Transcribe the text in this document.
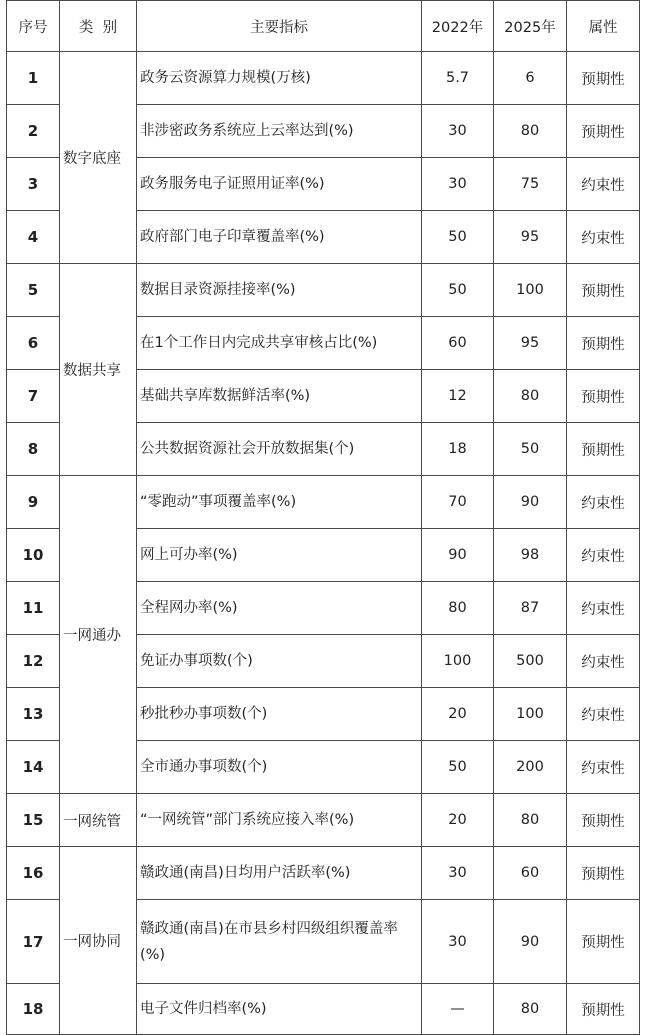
序号	类  别	主要指标	2022年	2025年	属性
1	数字底座	政务云资源算力规模(万核)	5.7	6	预期性
2		非涉密政务系统应上云率达到(%)	30	80	预期性
3		政务服务电子证照用证率(%)	30	75	约束性
4		政府部门电子印章覆盖率(%)	50	95	约束性
5	数据共享	数据目录资源挂接率(%)	50	100	预期性
6		在1个工作日内完成共享审核占比(%)	60	95	预期性
7		基础共享库数据鲜活率(%)	12	80	预期性
8		公共数据资源社会开放数据集(个)	18	50	预期性
9	一网通办	“零跑动”事项覆盖率(%)	70	90	约束性
10		网上可办率(%)	90	98	约束性
11		全程网办率(%)	80	87	约束性
12		免证办事项数(个)	100	500	约束性
13		秒批秒办事项数(个)	20	100	约束性
14		全市通办事项数(个)	50	200	约束性
15	一网统管	“一网统管”部门系统应接入率(%)	20	80	预期性
16	一网协同	赣政通(南昌)日均用户活跃率(%)	30	60	预期性
17		赣政通(南昌)在市县乡村四级组织覆盖率(%)	30	90	预期性
18		电子文件归档率(%)	—	80	预期性
